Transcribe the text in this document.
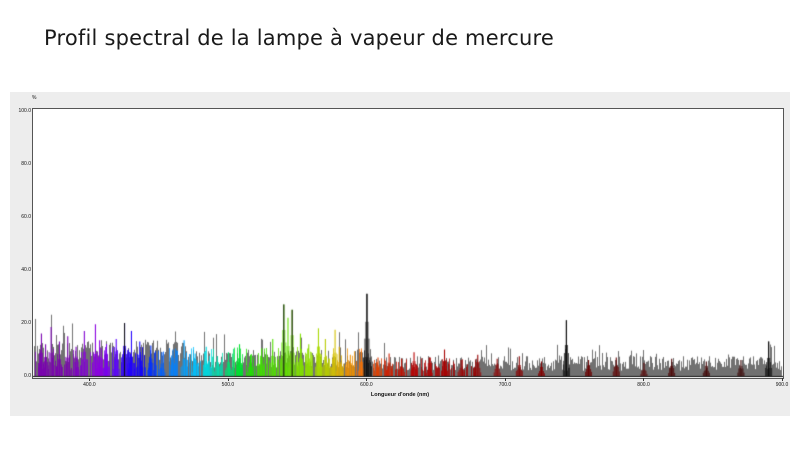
Profil spectral de la lampe à vapeur de mercure
%
0.0
20.0
40.0
60.0
80.0
100.0
Longueur d'onde (nm)
400.0	500.0	600.0	700.0	800.0	900.0
